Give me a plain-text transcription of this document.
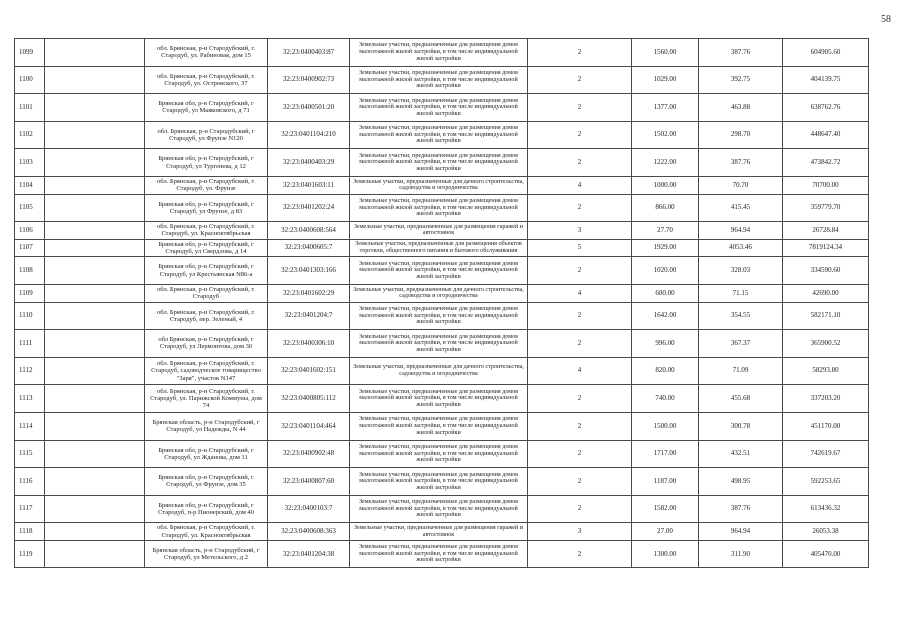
58
1099		обл. Брянская, р-н Стародубский, г. Стародуб, ул. Рабиновая, дом 15	32:23:0400403:87	Земельные участки, предназначенные для размещения домов малоэтажной жилой застройки, в том числе индивидуальной жилой застройки	2	1560.00	387.76	604905.60
1100		обл. Брянская, р-н Стародубский, г. Стародуб, ул. Островского, 37	32:23:0400902:73	Земельные участки, предназначенные для размещения домов малоэтажной жилой застройки, в том числе индивидуальной жилой застройки	2	1029.00	392.75	404139.75
1101		Брянская обл, р-н Стародубский, г Стародуб, ул Маяковского, д 71	32:23:0400501:20	Земельные участки, предназначенные для размещения домов малоэтажной жилой застройки, в том числе индивидуальной жилой застройки	2	1377.00	463.88	638762.76
1102		обл. Брянская, р-н Стародубский, г Стародуб, ул Фрунзе N120	32:23:0401104:210	Земельные участки, предназначенные для размещения домов малоэтажной жилой застройки, в том числе индивидуальной жилой застройки	2	1502.00	298.70	448647.40
1103		Брянская обл, р-н Стародубский, г Стародуб, ул Тургенева, д 12	32:23:0400403:29	Земельные участки, предназначенные для размещения домов малоэтажной жилой застройки, в том числе индивидуальной жилой застройки	2	1222.00	387.76	473842.72
1104		обл. Брянская, р-н Стародубский, г. Стародуб, ул. Фрунзе	32:23:0401603:11	Земельные участки, предназначенные для дачного строительства, садоводства и огородничества	4	1000.00	70.70	70700.00
1105		Брянская обл, р-н Стародубский, г Стародуб, ул Фрунзе, д 83	32:23:0401202:24	Земельные участки, предназначенные для размещения домов малоэтажной жилой застройки, в том числе индивидуальной жилой застройки	2	866.00	415.45	359779.70
1106		обл. Брянская, р-н Стародубский, г. Стародуб, ул. Красноктябрьская	32:23:0400608:564	Земельные участки, предназначенные для размещения гаражей и автостоянок	3	27.70	964.94	26728.84
1107		Брянская обл, р-н Стародубский, г Стародуб, ул Свердлова, д 14	32:23:0400605:7	Земельные участки, предназначенные для размещения объектов торговли, общественного питания и бытового обслуживания	5	1929.00	4053.46	7819124.34
1108		Брянская обл, р-н Стародубский, г Стародуб, ул Крестьянская N86-а	32:23:0401303:166	Земельные участки, предназначенные для размещения домов малоэтажной жилой застройки, в том числе индивидуальной жилой застройки	2	1020.00	328.03	334590.60
1109		обл. Брянская, р-н Стародубский, г. Стародуб	32:23:0401602:29	Земельные участки, предназначенные для дачного строительства, садоводства и огородничества	4	600.00	71.15	42690.00
1110		обл. Брянская, р-н Стародубский, г. Стародуб, пер. Зеленый, 4	32:23:0401204:7	Земельные участки, предназначенные для размещения домов малоэтажной жилой застройки, в том числе индивидуальной жилой застройки	2	1642.00	354.55	582171.10
1111		обл Брянская, р-н Стародубский, г Стародуб, ул Лермонтова, дом 30	32:23:0400306:10	Земельные участки, предназначенные для размещения домов малоэтажной жилой застройки, в том числе индивидуальной жилой застройки	2	996.00	367.37	365900.52
1112		обл. Брянская, р-н Стародубский, г. Стародуб, садоводческое товарищество "Заря", участок N147	32:23:0401602:151	Земельные участки, предназначенные для дачного строительства, садоводства и огородничества	4	820.00	71.09	58293.80
1113		обл. Брянская, р-н Стародубский, г. Стародуб, ул. Парижской Коммуны, дом 74	32:23:0400805:112	Земельные участки, предназначенные для размещения домов малоэтажной жилой застройки, в том числе индивидуальной жилой застройки	2	740.00	455.68	337203.20
1114		Брянская область, р-н Стародубский, г Стародуб, ул Надежды, N 44	32:23:0401104:464	Земельные участки, предназначенные для размещения домов малоэтажной жилой застройки, в том числе индивидуальной жилой застройки	2	1500.00	300.78	451170.00
1115		Брянская обл, р-н Стародубский, г Стародуб, ул Жданова, дом 11	32:23:0400902:48	Земельные участки, предназначенные для размещения домов малоэтажной жилой застройки, в том числе индивидуальной жилой застройки	2	1717.00	432.51	742619.67
1116		Брянская обл, р-н Стародубский, г Стародуб, ул Фрунзе, дом 35	32:23:0400807:60	Земельные участки, предназначенные для размещения домов малоэтажной жилой застройки, в том числе индивидуальной жилой застройки	2	1187.00	498.95	592253.65
1117		Брянская обл, р-н Стародубский, г Стародуб, п-р Пионерский, дом 40	32:23:0400103:7	Земельные участки, предназначенные для размещения домов малоэтажной жилой застройки, в том числе индивидуальной жилой застройки	2	1582.00	387.76	613436.32
1118		обл. Брянская, р-н Стародубский, г. Стародуб, ул. Красноктябрьская	32:23:0400608:363	Земельные участки, предназначенные для размещения гаражей и автостоянок	3	27.00	964.94	26053.38
1119		Брянская область, р-н Стародубский, г Стародуб, ул Метельского, д 2	32:23:0401204:38	Земельные участки, предназначенные для размещения домов малоэтажной жилой застройки, в том числе индивидуальной жилой застройки	2	1300.00	311.90	405470.00
